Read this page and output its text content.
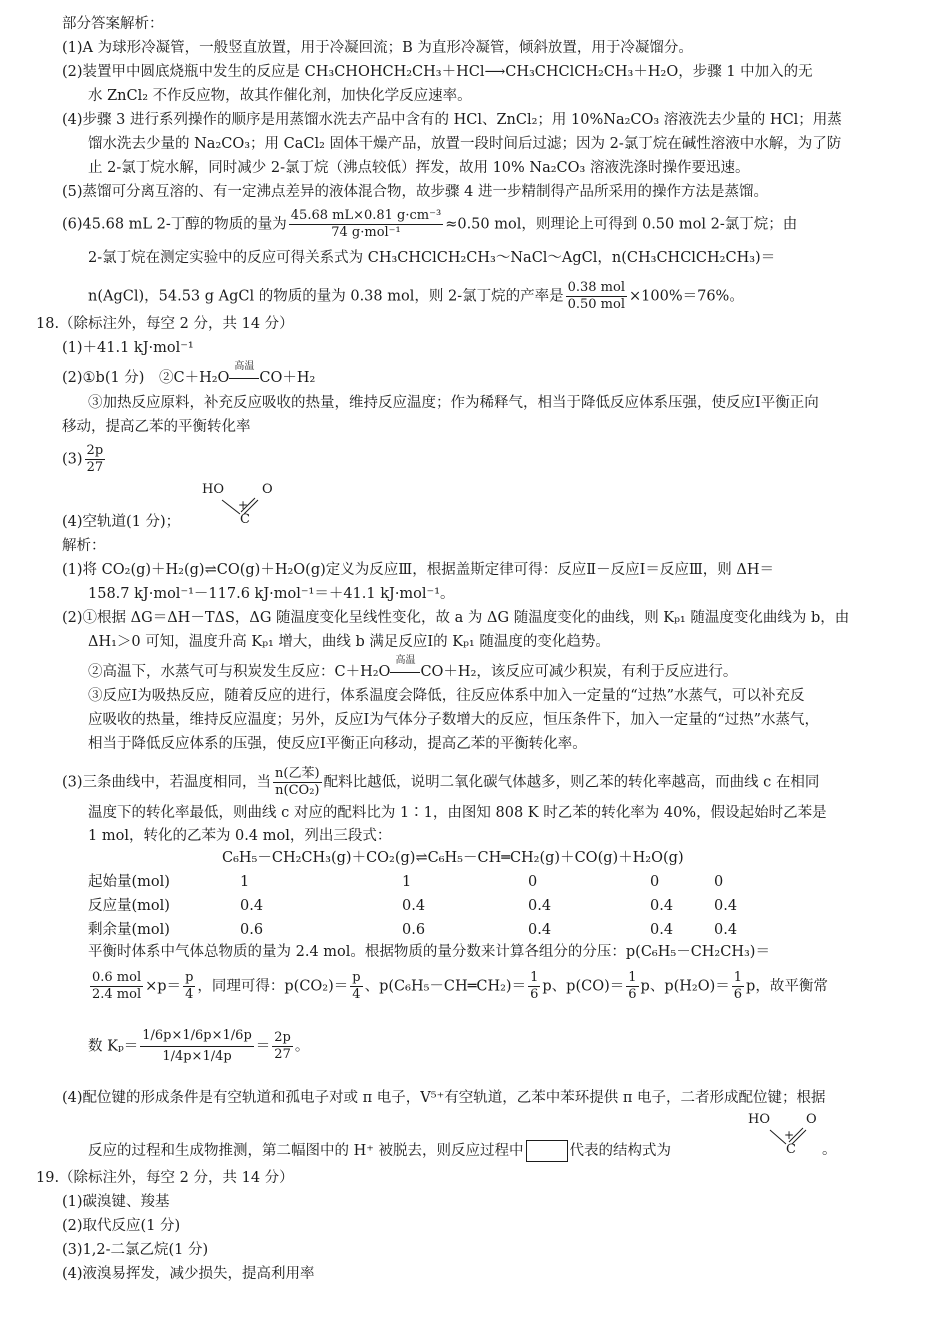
部分答案解析：
(1)A 为球形冷凝管，一般竖直放置，用于冷凝回流；B 为直形冷凝管，倾斜放置，用于冷凝馏分。
(2)装置甲中圆底烧瓶中发生的反应是 CH₃CHOHCH₂CH₃＋HCl⟶CH₃CHClCH₂CH₃＋H₂O，步骤 1 中加入的无
水 ZnCl₂ 不作反应物，故其作催化剂，加快化学反应速率。
(4)步骤 3 进行系列操作的顺序是用蒸馏水洗去产品中含有的 HCl、ZnCl₂；用 10%Na₂CO₃ 溶液洗去少量的 HCl；用蒸
馏水洗去少量的 Na₂CO₃；用 CaCl₂ 固体干燥产品，放置一段时间后过滤；因为 2-氯丁烷在碱性溶液中水解，为了防
止 2-氯丁烷水解，同时减少 2-氯丁烷（沸点较低）挥发，故用 10% Na₂CO₃ 溶液洗涤时操作要迅速。
(5)蒸馏可分离互溶的、有一定沸点差异的液体混合物，故步骤 4 进一步精制得产品所采用的操作方法是蒸馏。
(6)45.68 mL 2-丁醇的物质的量为 $\frac{\text{45.68 mL×0.81 g·cm⁻³}}{\text{74 g·mol⁻¹}} \approx 0.50$ mol，则理论上可得到 0.50 mol 2-氯丁烷；由
2-氯丁烷在测定实验中的反应可得关系式为 CH₃CHClCH₂CH₃～NaCl～AgCl，n(CH₃CHClCH₂CH₃)＝
n(AgCl)，54.53 g AgCl 的物质的量为 0.38 mol，则 2-氯丁烷的产率是 $\frac{\text{0.38 mol}}{\text{0.50 mol}} \times 100\%=76\%$。
18.（除标注外，每空 2 分，共 14 分）
(1)＋41.1 kJ·mol⁻¹
(2)①b(1 分)　②C＋H₂O
高温
CO＋H₂
③加热反应原料，补充反应吸收的热量，维持反应温度；作为稀释气，相当于降低反应体系压强，使反应Ⅰ平衡正向
移动，提高乙苯的平衡转化率
$(3) \frac{2p}{27}$
(4)空轨道(1 分)；
HO	O
+
C
解析：
(1)将 CO₂(g)＋H₂(g)⇌CO(g)＋H₂O(g)定义为反应Ⅲ，根据盖斯定律可得：反应Ⅱ－反应Ⅰ＝反应Ⅲ，则 ΔH＝
158.7 kJ·mol⁻¹－117.6 kJ·mol⁻¹＝＋41.1 kJ·mol⁻¹。
(2)①根据 ΔG＝ΔH－TΔS，ΔG 随温度变化呈线性变化，故 a 为 ΔG 随温度变化的曲线，则 Kₚ₁ 随温度变化曲线为 b，由
ΔH₁＞0 可知，温度升高 Kₚ₁ 增大，曲线 b 满足反应Ⅰ的 Kₚ₁ 随温度的变化趋势。
②高温下，水蒸气可与积炭发生反应：C＋H₂O
高温
CO＋H₂，该反应可减少积炭，有利于反应进行。
③反应Ⅰ为吸热反应，随着反应的进行，体系温度会降低，往反应体系中加入一定量的“过热”水蒸气，可以补充反
应吸收的热量，维持反应温度；另外，反应Ⅰ为气体分子数增大的反应，恒压条件下，加入一定量的“过热”水蒸气，
相当于降低反应体系的压强，使反应Ⅰ平衡正向移动，提高乙苯的平衡转化率。
(3)三条曲线中，若温度相同，当 $\frac{\text{n(乙苯)}}{\text{n(CO₂)}}$ 配料比越低，说明二氧化碳气体越多，则乙苯的转化率越高，而曲线 c 在相同
温度下的转化率最低，则曲线 c 对应的配料比为 1∶1，由图知 808 K 时乙苯的转化率为 40%，假设起始时乙苯是
1 mol，转化的乙苯为 0.4 mol，列出三段式：
C₆H₅－CH₂CH₃(g)＋CO₂(g)⇌C₆H₅－CH═CH₂(g)＋CO(g)＋H₂O(g)
起始量(mol)	1	1	0	0	0
反应量(mol)	0.4	0.4	0.4	0.4	0.4
剩余量(mol)	0.6	0.6	0.4	0.4	0.4
平衡时体系中气体总物质的量为 2.4 mol。根据物质的量分数来计算各组分的分压：p(C₆H₅－CH₂CH₃)＝
$\frac{\text{0.6 mol}}{\text{2.4 mol}} \times p= \frac{p}{4}$ ，同理可得：$p(CO_2)= \frac{p}{4}$ 、p(C₆H₅－CH═CH₂)＝ $\frac{1}{6}$ p、$p(CO)= \frac{1}{6}$ p、$p(H_2O)= \frac{1}{6}$ p，故平衡常
数 $K_p= \frac{1/6p\times 1/6p\times 1/6p}{1/4p\times 1/4p} = \frac{2p}{27}$ 。
(4)配位键的形成条件是有空轨道和孤电子对或 π 电子，V⁵⁺有空轨道，乙苯中苯环提供 π 电子，二者形成配位键；根据
反应的过程和生成物推测，第二幅图中的 H⁺ 被脱去，则反应过程中	代表的结构式为
HO	O
+
C 。
19.（除标注外，每空 2 分，共 14 分）
(1)碳溴键、羧基
(2)取代反应(1 分)
(3)1,2-二氯乙烷(1 分)
(4)液溴易挥发，减少损失，提高利用率
